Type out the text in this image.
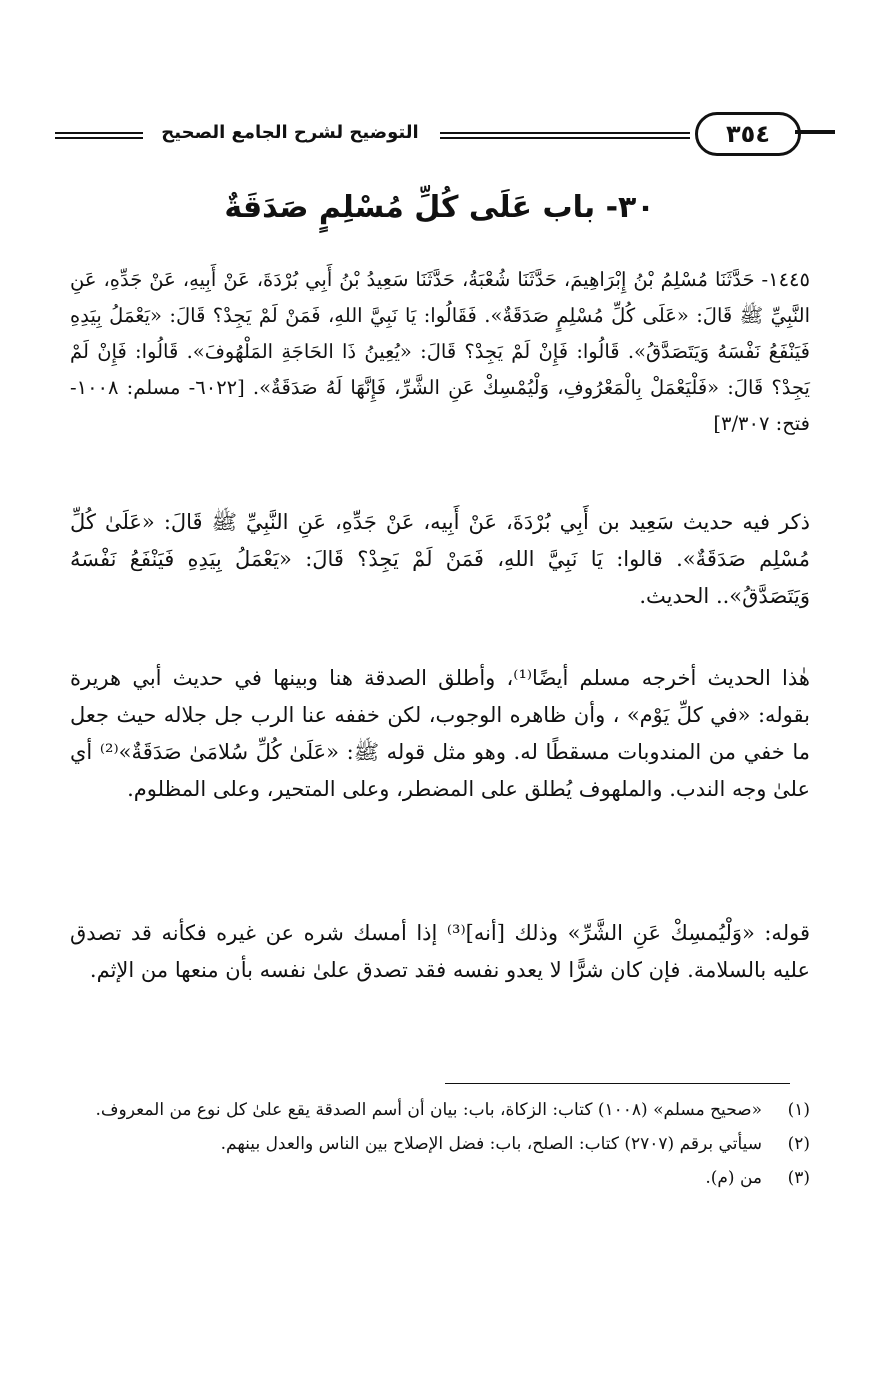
التوضيح لشرح الجامع الصحيح	٣٥٤
٣٠- باب عَلَى كُلِّ مُسْلِمٍ صَدَقَةٌ

١٤٤٥- حَدَّثَنَا مُسْلِمُ بْنُ إِبْرَاهِيمَ، حَدَّثَنَا شُعْبَةُ، حَدَّثَنَا سَعِيدُ بْنُ أَبِي بُرْدَةَ، عَنْ أَبِيهِ، عَنْ جَدِّهِ، عَنِ النَّبِيِّ ﷺ قَالَ: «عَلَى كُلِّ مُسْلِمٍ صَدَقَةٌ». فَقَالُوا: يَا نَبِيَّ اللهِ، فَمَنْ لَمْ يَجِدْ؟ قَالَ: «يَعْمَلُ بِيَدِهِ فَيَنْفَعُ نَفْسَهُ وَيَتَصَدَّقُ». قَالُوا: فَإِنْ لَمْ يَجِدْ؟ قَالَ: «يُعِينُ ذَا الحَاجَةِ المَلْهُوفَ». قَالُوا: فَإِنْ لَمْ يَجِدْ؟ قَالَ: «فَلْيَعْمَلْ بِالْمَعْرُوفِ، وَلْيُمْسِكْ عَنِ الشَّرِّ، فَإِنَّهَا لَهُ صَدَقَةٌ». [٦٠٢٢- مسلم: ١٠٠٨- فتح: ٣/٣٠٧]

ذكر فيه حديث سَعِيد بن أَبِي بُرْدَةَ، عَنْ أَبِيه، عَنْ جَدِّهِ، عَنِ النَّبِيِّ ﷺ قَالَ: «عَلَىٰ كُلِّ مُسْلِم صَدَقَةٌ». قالوا: يَا نَبِيَّ اللهِ، فَمَنْ لَمْ يَجِدْ؟ قَالَ: «يَعْمَلُ بِيَدِهِ فَيَنْفَعُ نَفْسَهُ وَيَتَصَدَّقُ».. الحديث.

هٰذا الحديث أخرجه مسلم أيضًا⁽¹⁾، وأطلق الصدقة هنا وبينها في حديث أبي هريرة بقوله: «في كلِّ يَوْم» ، وأن ظاهره الوجوب، لكن خففه عنا الرب جل جلاله حيث جعل ما خفي من المندوبات مسقطًا له. وهو مثل قوله ﷺ: «عَلَىٰ كُلِّ سُلامَىٰ صَدَقَةٌ»⁽²⁾ أي علىٰ وجه الندب. والملهوف يُطلق على المضطر، وعلى المتحير، وعلى المظلوم.

قوله: «وَلْيُمسِكْ عَنِ الشَّرِّ» وذلك [أنه]⁽³⁾ إذا أمسك شره عن غيره فكأنه قد تصدق عليه بالسلامة. فإن كان شرًّا لا يعدو نفسه فقد تصدق علىٰ نفسه بأن منعها من الإثم.

(١)
«صحيح مسلم» (١٠٠٨) كتاب: الزكاة، باب: بيان أن أسم الصدقة يقع علىٰ كل نوع من المعروف.
(٢)
سيأتي برقم (٢٧٠٧) كتاب: الصلح، باب: فضل الإصلاح بين الناس والعدل بينهم.
(٣)
من (م).
